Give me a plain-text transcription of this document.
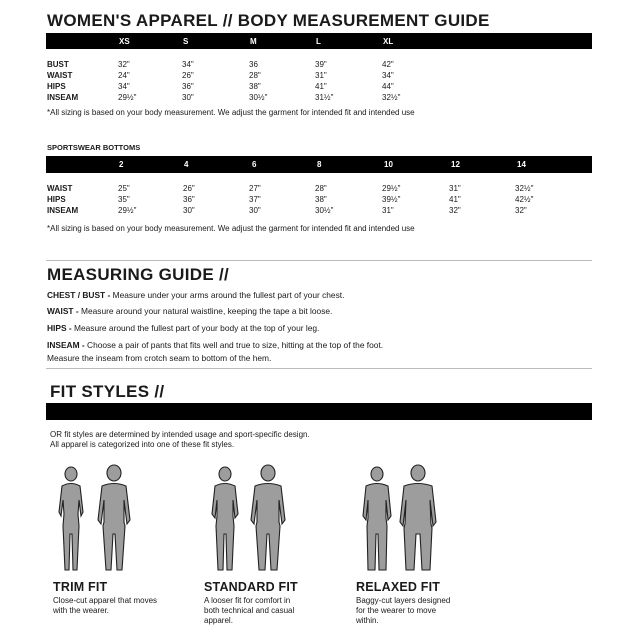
WOMEN'S APPAREL // BODY MEASUREMENT GUIDE
XS	S	M	L	XL
BUST	32"	34"	36	39"	42"
WAIST	24"	26"	28"	31"	34"
HIPS	34"	36"	38"	41"	44"
INSEAM	29½"	30"	30½"	31½"	32½"
*All sizing is based on your body measurement. We adjust the garment for intended fit and intended use
SPORTSWEAR BOTTOMS
2	4	6	8	10	12	14
WAIST	25"	26"	27"	28"	29½"	31"	32½"
HIPS	35"	36"	37"	38"	39½"	41"	42½"
INSEAM	29½"	30"	30"	30½"	31"	32"	32"
*All sizing is based on your body measurement. We adjust the garment for intended fit and intended use
MEASURING GUIDE //
CHEST / BUST - Measure under your arms around the fullest part of your chest.
WAIST - Measure around your natural waistline, keeping the tape a bit loose.
HIPS - Measure around the fullest part of your body at the top of your leg.
INSEAM - Choose a pair of pants that fits well and true to size, hitting at the top of the foot. Measure the inseam from crotch seam to bottom of the hem.
FIT STYLES //
OR fit styles are determined by intended usage and sport-specific design.
All apparel is categorized into one of these fit styles.
TRIM FIT
Close-cut apparel that moves with the wearer.
STANDARD FIT
A looser fit for comfort in both technical and casual apparel.
RELAXED FIT
Baggy-cut layers designed for the wearer to move within.
